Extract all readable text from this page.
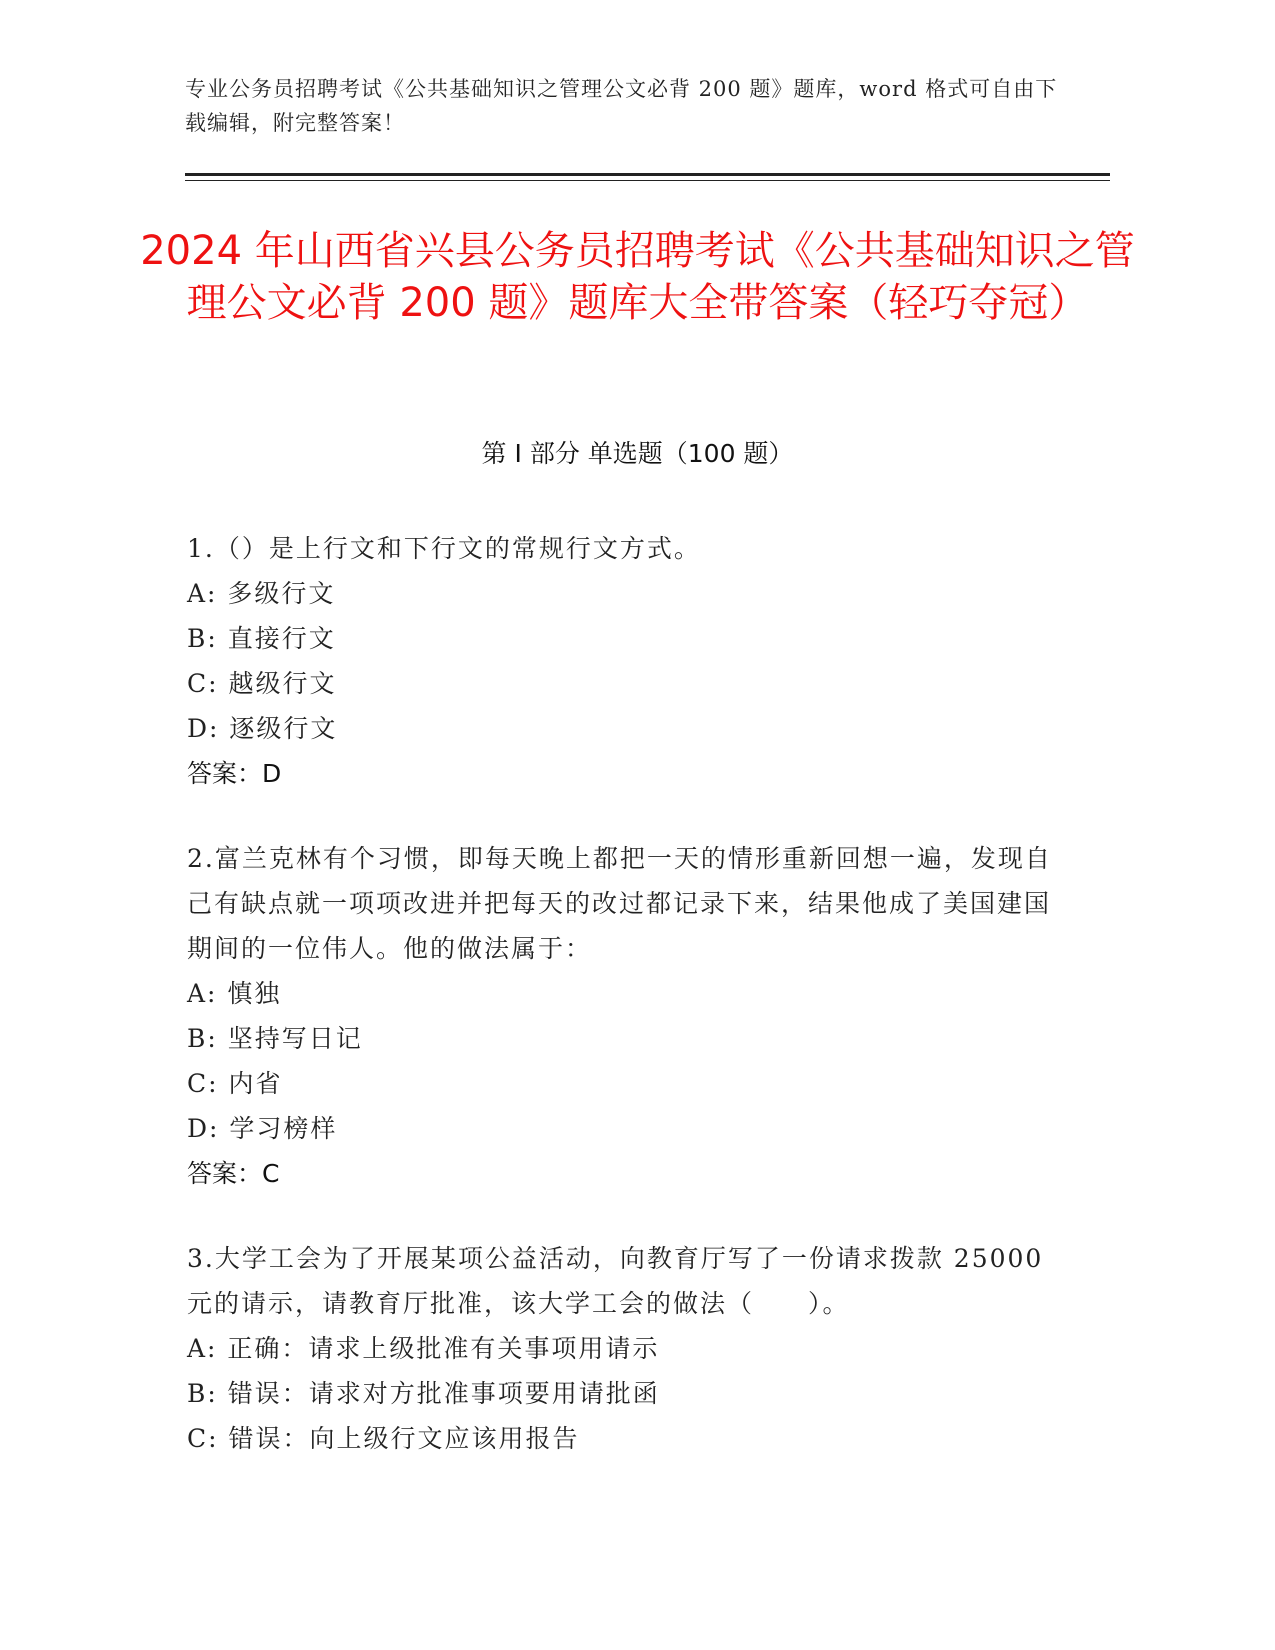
专业公务员招聘考试《公共基础知识之管理公文必背 200 题》题库，word 格式可自由下载编辑，附完整答案！
2024 年山西省兴县公务员招聘考试《公共基础知识之管理公文必背 200 题》题库大全带答案（轻巧夺冠）
第 I 部分 单选题（100 题）
1.（）是上行文和下行文的常规行文方式。
A: 多级行文
B: 直接行文
C: 越级行文
D: 逐级行文
答案：D
2.富兰克林有个习惯，即每天晚上都把一天的情形重新回想一遍，发现自己有缺点就一项项改进并把每天的改过都记录下来，结果他成了美国建国期间的一位伟人。他的做法属于：
A: 慎独
B: 坚持写日记
C: 内省
D: 学习榜样
答案：C
3.大学工会为了开展某项公益活动，向教育厅写了一份请求拨款 25000 元的请示，请教育厅批准，该大学工会的做法（　　）。
A: 正确：请求上级批准有关事项用请示
B: 错误：请求对方批准事项要用请批函
C: 错误：向上级行文应该用报告
